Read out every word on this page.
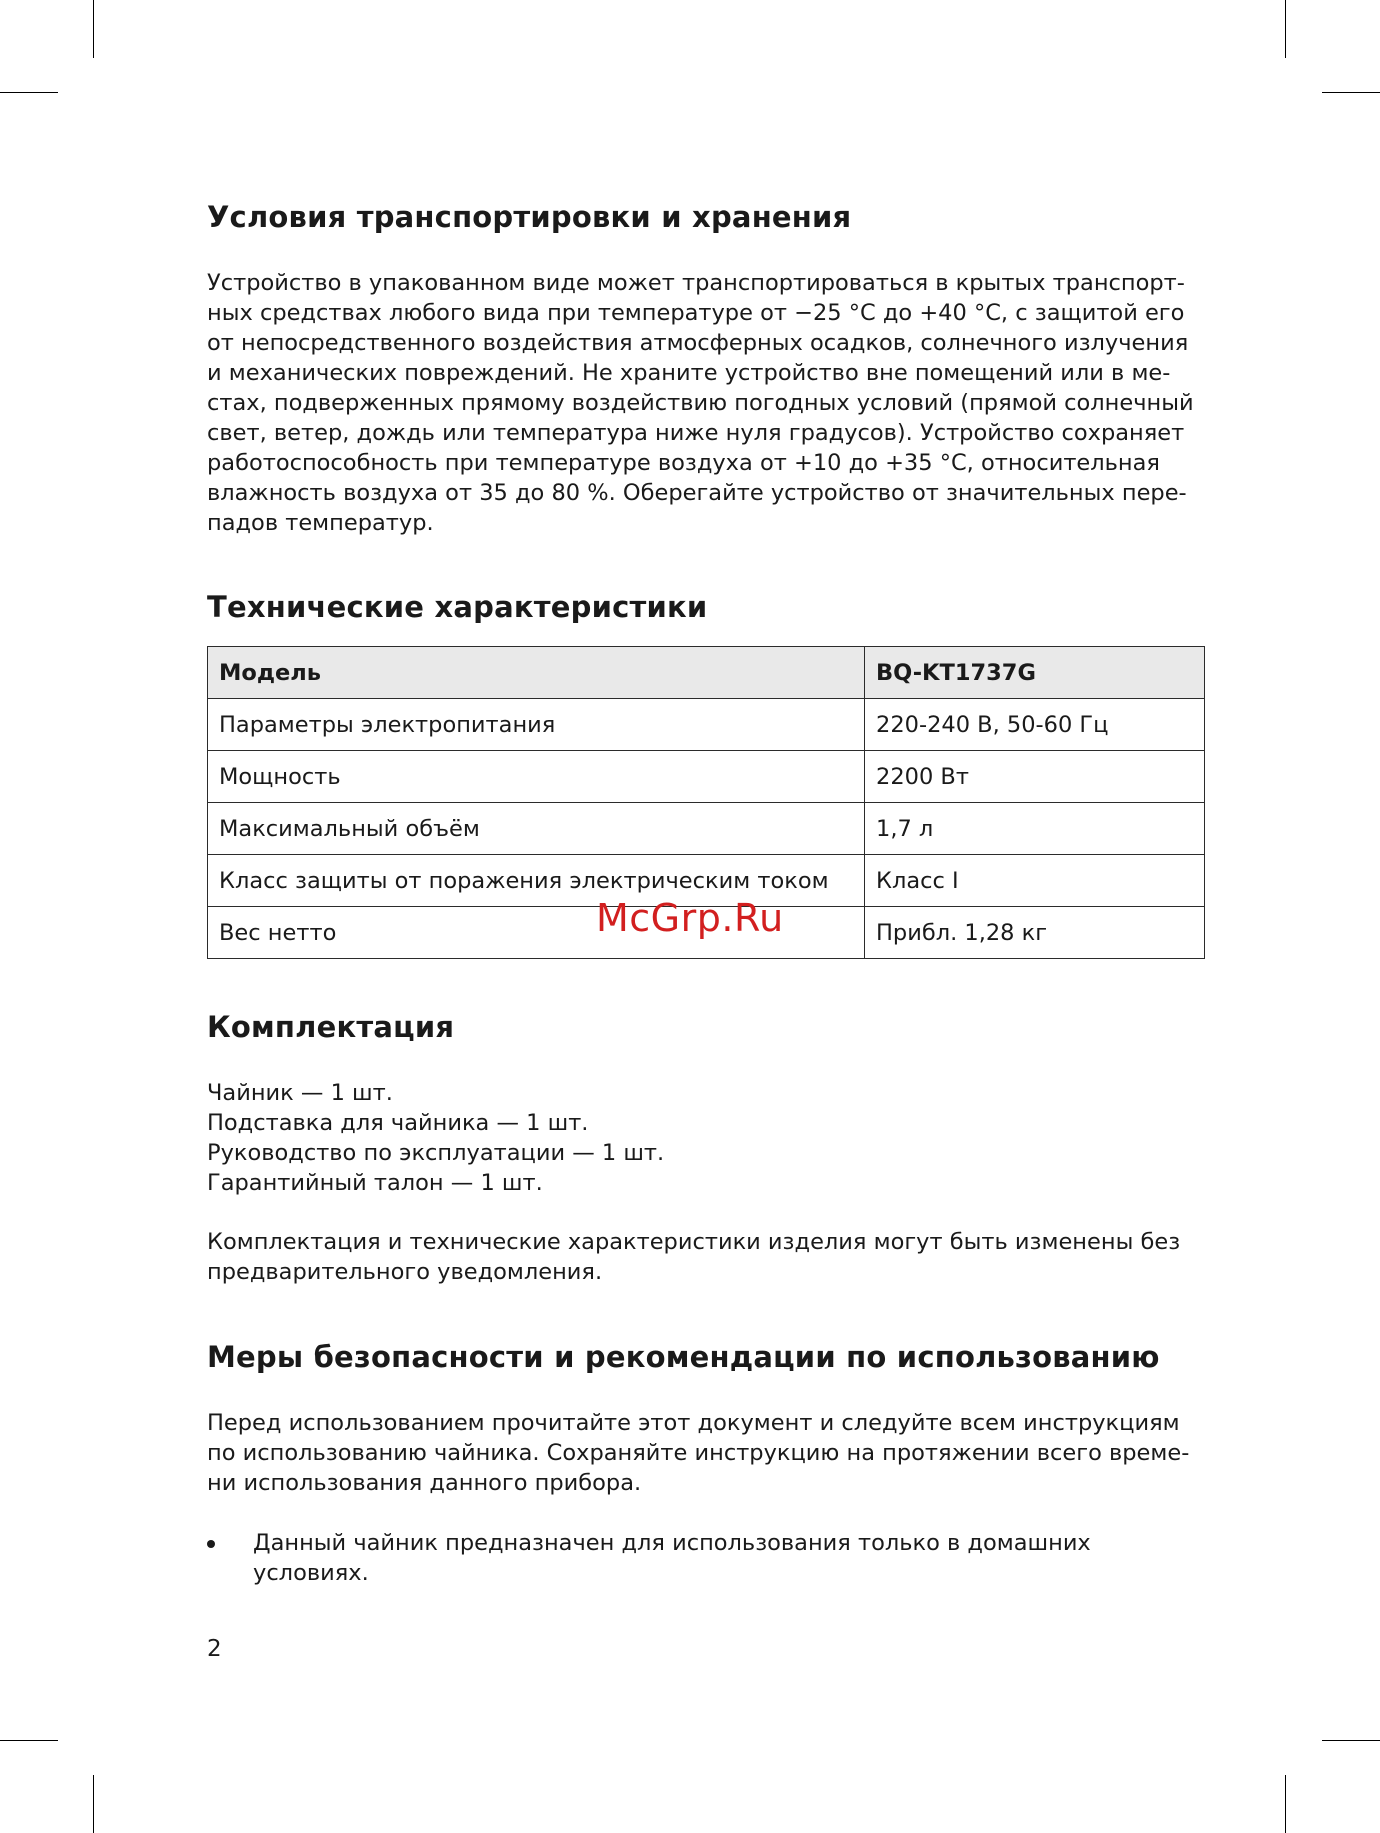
Условия транспортировки и хранения
Устройство в упакованном виде может транспортироваться в крытых транспорт-
ных средствах любого вида при температуре от −25 °C до +40 °C, с защитой его
от непосредственного воздействия атмосферных осадков, солнечного излучения
и механических повреждений. Не храните устройство вне помещений или в ме-
стах, подверженных прямому воздействию погодных условий (прямой солнечный
свет, ветер, дождь или температура ниже нуля градусов). Устройство сохраняет
работоспособность при температуре воздуха от +10 до +35 °C, относительная
влажность воздуха от 35 до 80 %. Оберегайте устройство от значительных пере-
падов температур.
Технические характеристики
Модель	BQ-KT1737G
Параметры электропитания	220-240 В, 50-60 Гц
Мощность	2200 Вт
Максимальный объём	1,7 л
Класс защиты от поражения электрическим током	Класс I
Вес нетто	Прибл. 1,28 кг
Комплектация
Чайник — 1 шт.
Подставка для чайника — 1 шт.
Руководство по эксплуатации — 1 шт.
Гарантийный талон — 1 шт.
Комплектация и технические характеристики изделия могут быть изменены без
предварительного уведомления.
Меры безопасности и рекомендации по использованию
Перед использованием прочитайте этот документ и следуйте всем инструкциям
по использованию чайника. Сохраняйте инструкцию на протяжении всего време-
ни использования данного прибора.
Данный чайник предназначен для использования только в домашних
условиях.
2
McGrp.Ru
